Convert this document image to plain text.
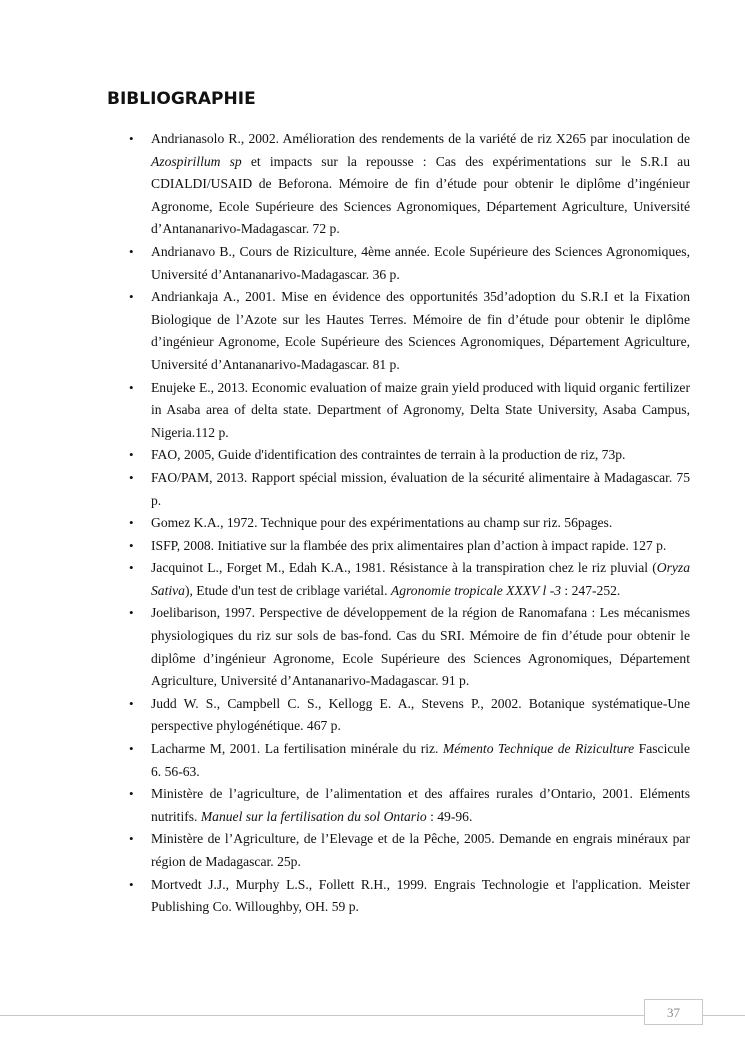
BIBLIOGRAPHIE
• Andrianasolo R., 2002. Amélioration des rendements de la variété de riz X265 par inoculation de Azospirillum sp et impacts sur la repousse : Cas des expérimentations sur le S.R.I au CDIALDI/USAID de Beforona. Mémoire de fin d’étude pour obtenir le diplôme d’ingénieur Agronome, Ecole Supérieure des Sciences Agronomiques, Département Agriculture, Université d’Antananarivo-Madagascar. 72 p.
• Andrianavo B., Cours de Riziculture, 4ème année. Ecole Supérieure des Sciences Agronomiques, Université d’Antananarivo-Madagascar. 36 p.
• Andriankaja A., 2001. Mise en évidence des opportunités 35d’adoption du S.R.I et la Fixation Biologique de l’Azote sur les Hautes Terres. Mémoire de fin d’étude pour obtenir le diplôme d’ingénieur Agronome, Ecole Supérieure des Sciences Agronomiques, Département Agriculture, Université d’Antananarivo-Madagascar. 81 p.
• Enujeke E., 2013. Economic evaluation of maize grain yield produced with liquid organic fertilizer in Asaba area of delta state. Department of Agronomy, Delta State University, Asaba Campus, Nigeria.112 p.
• FAO, 2005, Guide d'identification des contraintes de terrain à la production de riz, 73p.
• FAO/PAM, 2013. Rapport spécial mission, évaluation de la sécurité alimentaire à Madagascar. 75 p.
• Gomez K.A., 1972. Technique pour des expérimentations au champ sur riz. 56pages.
• ISFP, 2008. Initiative sur la flambée des prix alimentaires plan d’action à impact rapide. 127 p.
• Jacquinot L., Forget M., Edah K.A., 1981. Résistance à la transpiration chez le riz pluvial (Oryza Sativa), Etude d'un test de criblage variétal. Agronomie tropicale XXXV l -3 : 247-252.
• Joelibarison, 1997. Perspective de développement de la région de Ranomafana : Les mécanismes physiologiques du riz sur sols de bas-fond. Cas du SRI. Mémoire de fin d’étude pour obtenir le diplôme d’ingénieur Agronome, Ecole Supérieure des Sciences Agronomiques, Département Agriculture, Université d’Antananarivo-Madagascar. 91 p.
• Judd W. S., Campbell C. S., Kellogg E. A., Stevens P., 2002. Botanique systématique-Une perspective phylogénétique. 467 p.
• Lacharme M, 2001. La fertilisation minérale du riz. Mémento Technique de Riziculture Fascicule 6. 56-63.
• Ministère de l’agriculture, de l’alimentation et des affaires rurales d’Ontario, 2001. Eléments nutritifs. Manuel sur la fertilisation du sol Ontario : 49-96.
• Ministère de l’Agriculture, de l’Elevage et de la Pêche, 2005. Demande en engrais minéraux par région de Madagascar. 25p.
• Mortvedt J.J., Murphy L.S., Follett R.H., 1999. Engrais Technologie et l'application. Meister Publishing Co. Willoughby, OH. 59 p.
37
